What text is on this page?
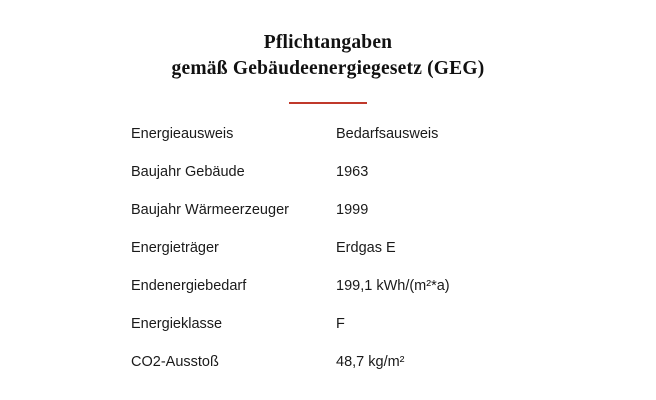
Pflichtangaben
gemäß Gebäudeenergiegesetz (GEG)
Energieausweis	Bedarfsausweis
Baujahr Gebäude	1963
Baujahr Wärmeerzeuger	1999
Energieträger	Erdgas E
Endenergiebedarf	199,1 kWh/(m²*a)
Energieklasse	F
CO2-Ausstoß	48,7 kg/m²
